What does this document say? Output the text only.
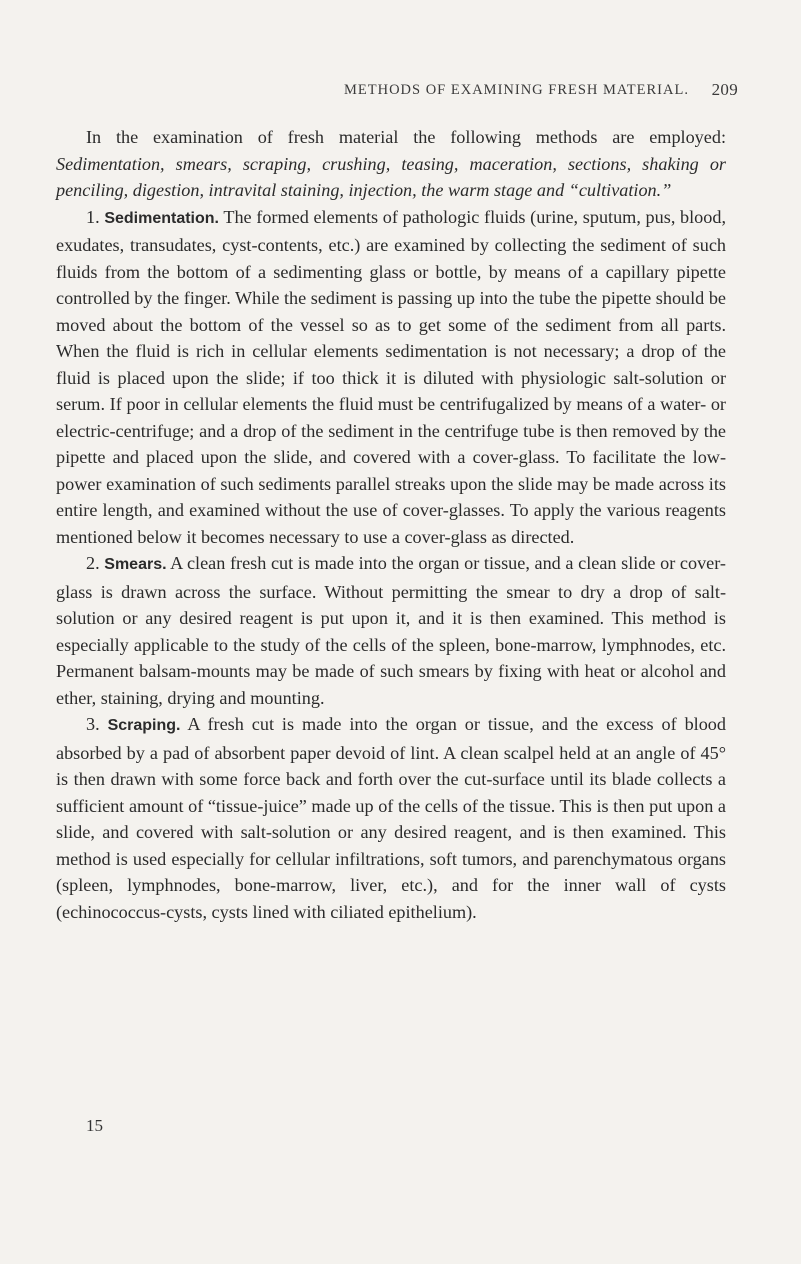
METHODS OF EXAMINING FRESH MATERIAL. 209

In the examination of fresh material the following methods are employed: Sedimentation, smears, scraping, crushing, teasing, maceration, sections, shaking or penciling, digestion, intravital staining, injection, the warm stage and “cultivation.”

1. Sedimentation. The formed elements of pathologic fluids (urine, sputum, pus, blood, exudates, transudates, cyst-contents, etc.) are examined by collecting the sediment of such fluids from the bottom of a sedimenting glass or bottle, by means of a capillary pipette controlled by the finger. While the sediment is passing up into the tube the pipette should be moved about the bottom of the vessel so as to get some of the sediment from all parts. When the fluid is rich in cellular elements sedimentation is not necessary; a drop of the fluid is placed upon the slide; if too thick it is diluted with physiologic salt-solution or serum. If poor in cellular elements the fluid must be centrifugalized by means of a water- or electric-centrifuge; and a drop of the sediment in the centrifuge tube is then removed by the pipette and placed upon the slide, and covered with a cover-glass. To facilitate the low-power examination of such sediments parallel streaks upon the slide may be made across its entire length, and examined without the use of cover-glasses. To apply the various reagents mentioned below it becomes necessary to use a cover-glass as directed.

2. Smears. A clean fresh cut is made into the organ or tissue, and a clean slide or cover-glass is drawn across the surface. Without permitting the smear to dry a drop of salt-solution or any desired reagent is put upon it, and it is then examined. This method is especially applicable to the study of the cells of the spleen, bone-marrow, lymphnodes, etc. Permanent balsam-mounts may be made of such smears by fixing with heat or alcohol and ether, staining, drying and mounting.

3. Scraping. A fresh cut is made into the organ or tissue, and the excess of blood absorbed by a pad of absorbent paper devoid of lint. A clean scalpel held at an angle of 45° is then drawn with some force back and forth over the cut-surface until its blade collects a sufficient amount of “tissue-juice” made up of the cells of the tissue. This is then put upon a slide, and covered with salt-solution or any desired reagent, and is then examined. This method is used especially for cellular infiltrations, soft tumors, and parenchymatous organs (spleen, lymphnodes, bone-marrow, liver, etc.), and for the inner wall of cysts (echinococcus-cysts, cysts lined with ciliated epithelium).

15
